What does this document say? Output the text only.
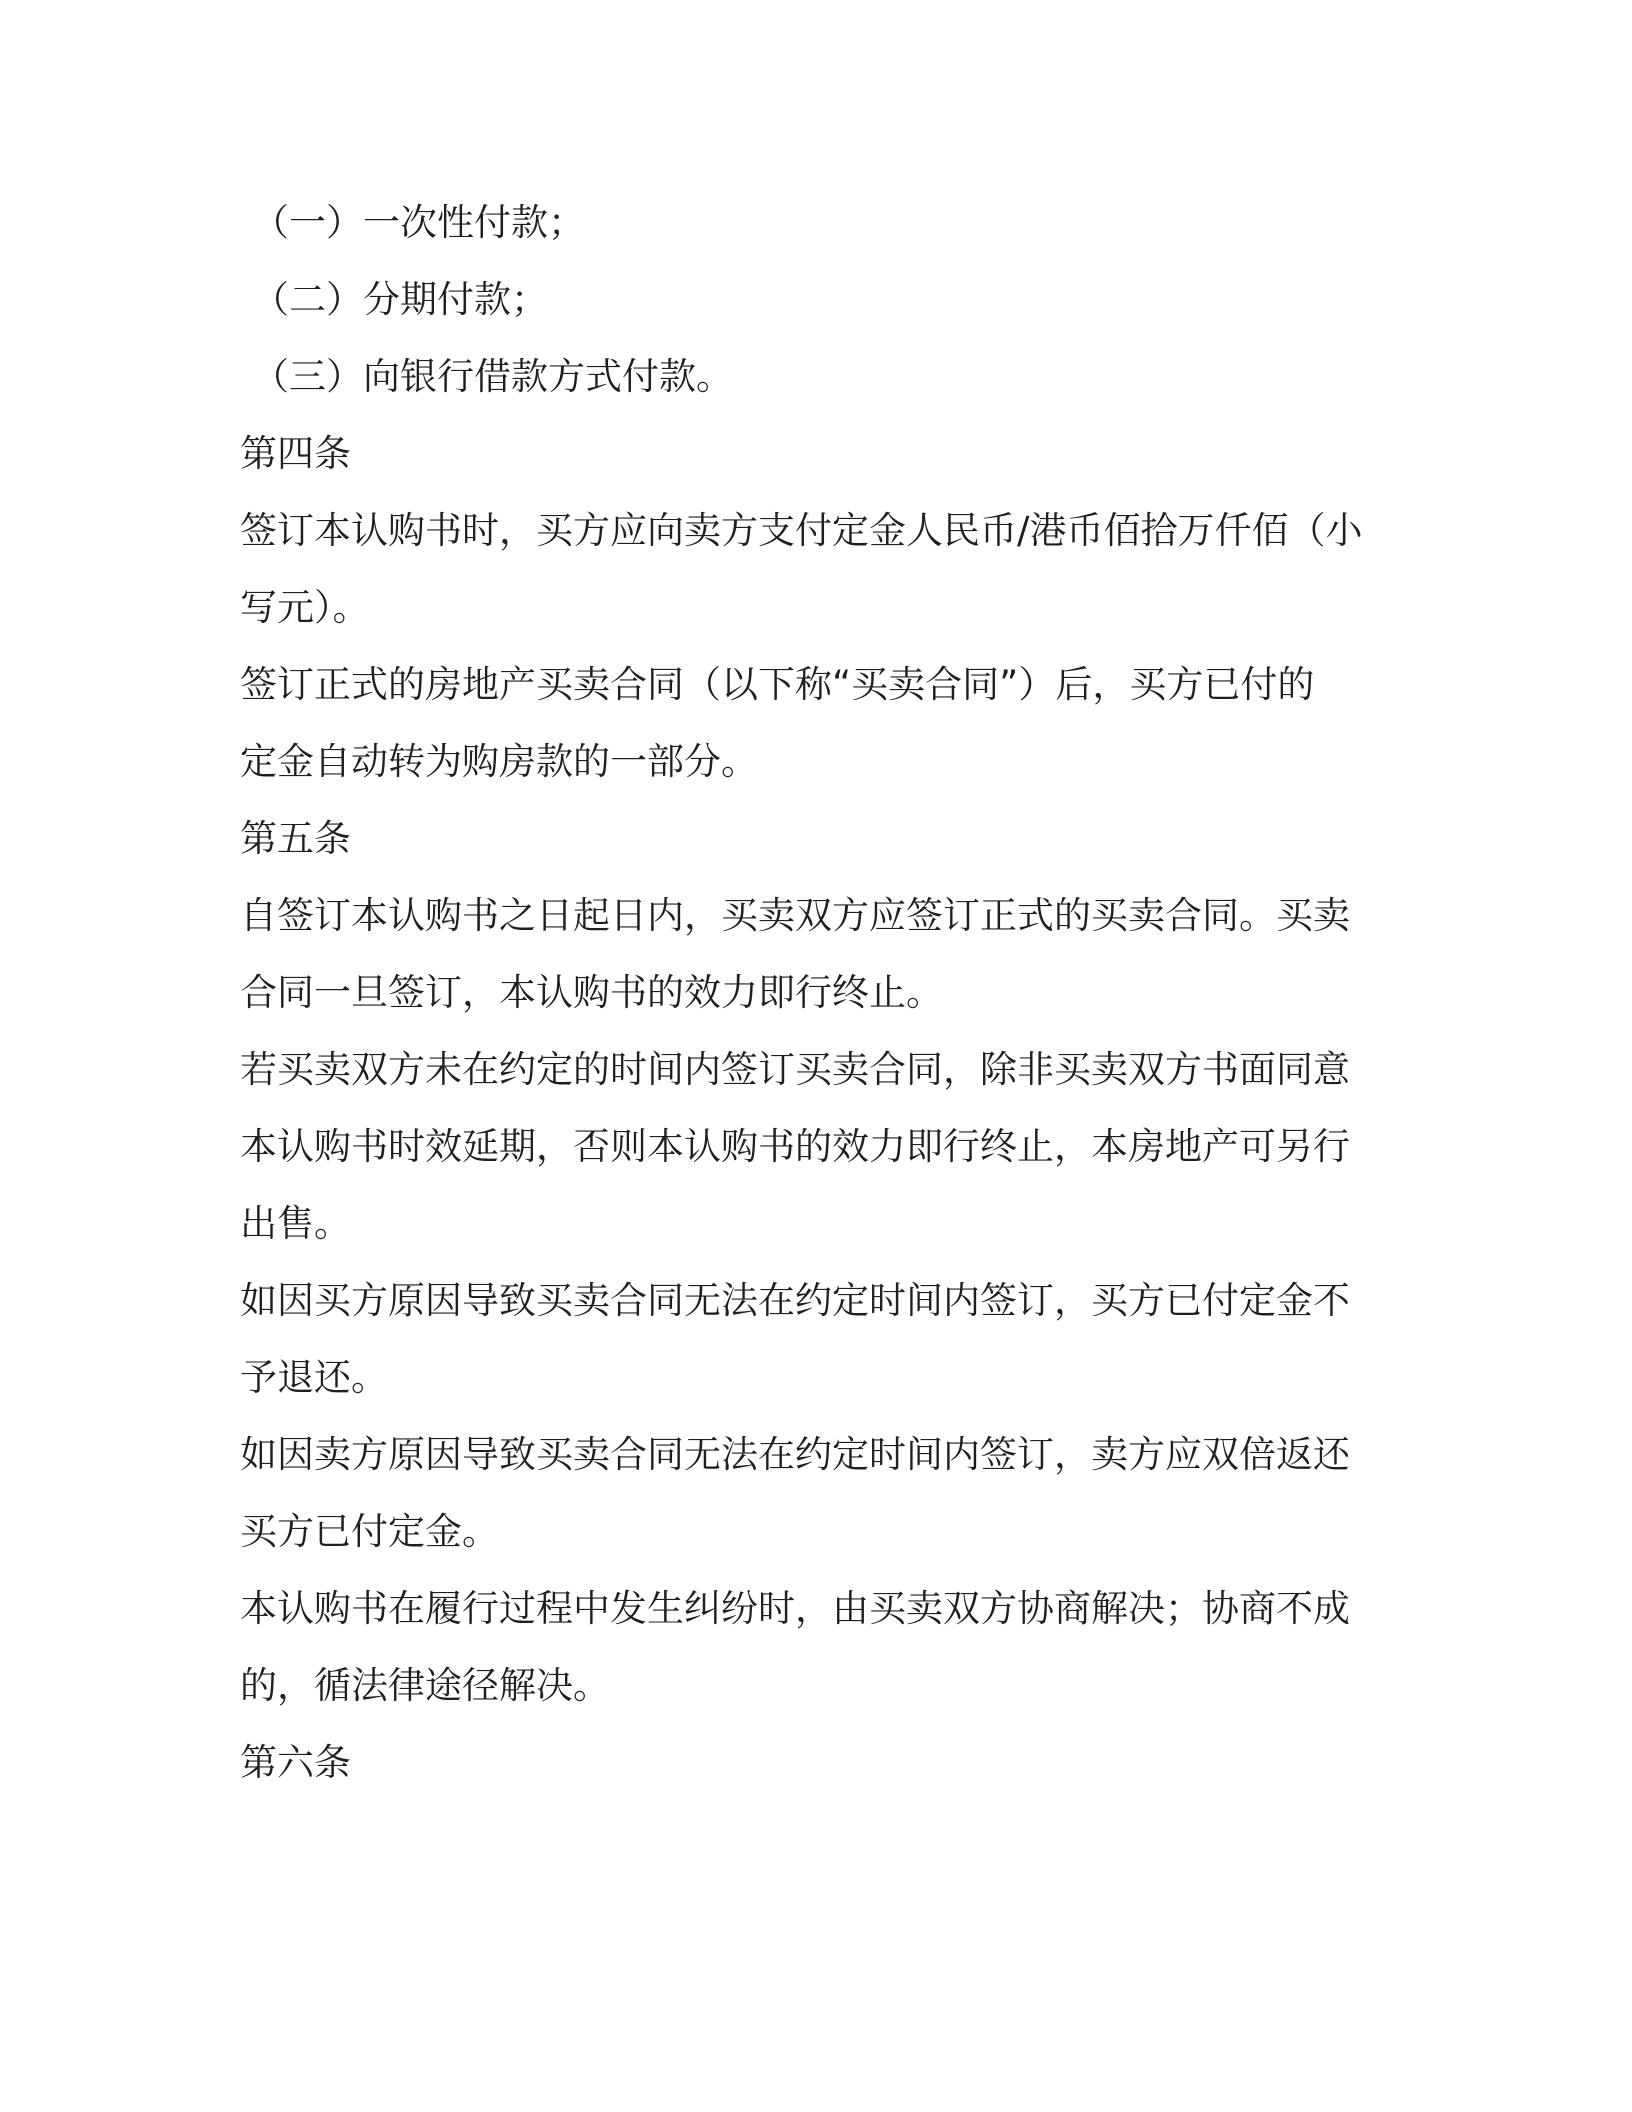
（一）一次性付款；
（二）分期付款；
（三）向银行借款方式付款。
第四条
签订本认购书时，买方应向卖方支付定金人民币/港币佰拾万仟佰（小
写元）。
签订正式的房地产买卖合同（以下称“买卖合同”）后，买方已付的
定金自动转为购房款的一部分。
第五条
自签订本认购书之日起日内，买卖双方应签订正式的买卖合同。买卖
合同一旦签订，本认购书的效力即行终止。
若买卖双方未在约定的时间内签订买卖合同，除非买卖双方书面同意
本认购书时效延期，否则本认购书的效力即行终止，本房地产可另行
出售。
如因买方原因导致买卖合同无法在约定时间内签订，买方已付定金不
予退还。
如因卖方原因导致买卖合同无法在约定时间内签订，卖方应双倍返还
买方已付定金。
本认购书在履行过程中发生纠纷时，由买卖双方协商解决；协商不成
的，循法律途径解决。
第六条
